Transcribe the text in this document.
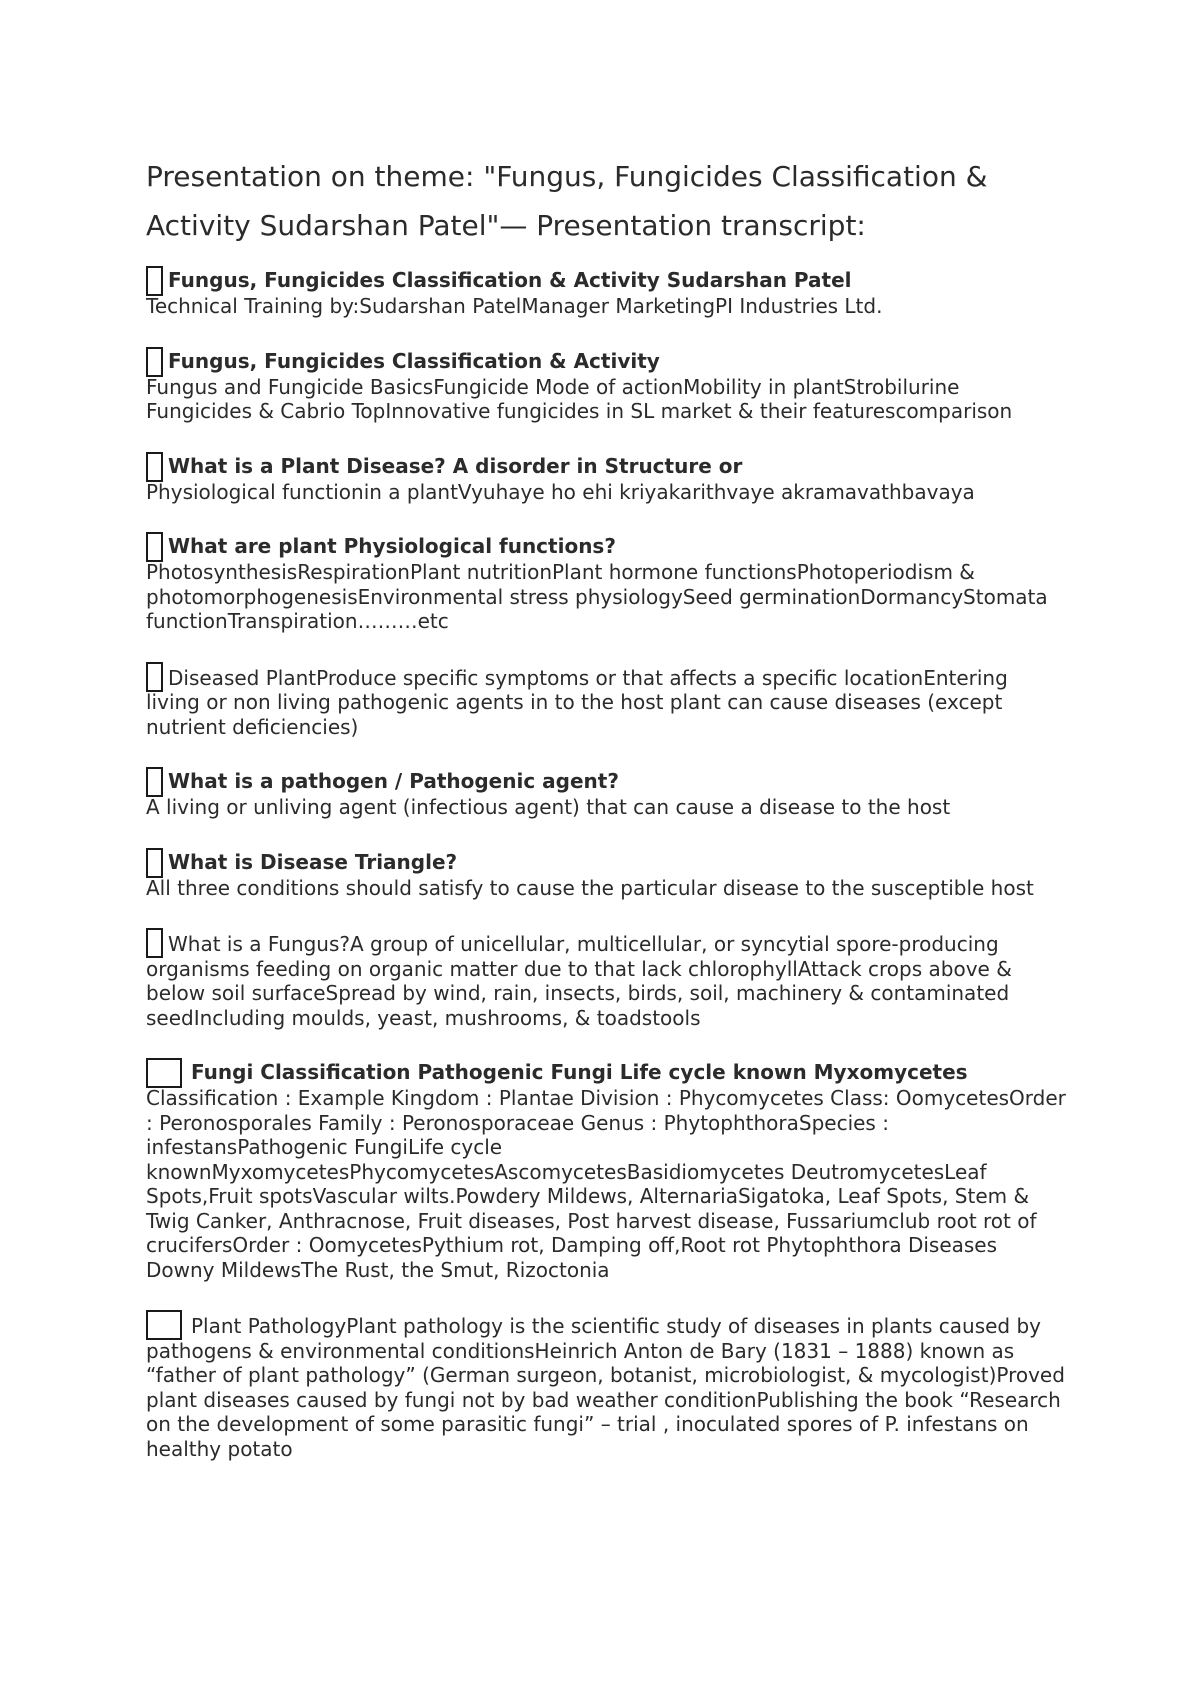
Presentation on theme: "Fungus, Fungicides Classification & Activity Sudarshan Patel"— Presentation transcript:
Fungus, Fungicides Classification & Activity Sudarshan Patel
Technical Training by:Sudarshan PatelManager MarketingPI Industries Ltd.
Fungus, Fungicides Classification & Activity
Fungus and Fungicide BasicsFungicide Mode of actionMobility in plantStrobilurine Fungicides & Cabrio TopInnovative fungicides in SL market & their featurescomparison
What is a Plant Disease? A disorder in Structure or
Physiological functionin a plantVyuhaye ho ehi kriyakarithvaye akramavathbavaya
What are plant Physiological functions?
PhotosynthesisRespirationPlant nutritionPlant hormone functionsPhotoperiodism & photomorphogenesisEnvironmental stress physiologySeed germinationDormancyStomata functionTranspiration………etc
Diseased PlantProduce specific symptoms or that affects a specific locationEntering living or non living pathogenic agents in to the host plant can cause diseases (except nutrient deficiencies)
What is a pathogen / Pathogenic agent?
A living or unliving agent (infectious agent) that can cause a disease to the host
What is Disease Triangle?
All three conditions should satisfy to cause the particular disease to the susceptible host
What is a Fungus?A group of unicellular, multicellular, or syncytial spore-producing organisms feeding on organic matter due to that lack chlorophyllAttack crops above & below soil surfaceSpread by wind, rain, insects, birds, soil, machinery & contaminated seedIncluding moulds, yeast, mushrooms, & toadstools
Fungi Classification Pathogenic Fungi Life cycle known Myxomycetes
Classification : Example Kingdom : Plantae Division : Phycomycetes Class: OomycetesOrder : Peronosporales Family : Peronosporaceae Genus : PhytophthoraSpecies : infestansPathogenic FungiLife cycle knownMyxomycetesPhycomycetesAscomycetesBasidiomycetes DeutromycetesLeaf Spots,Fruit spotsVascular wilts.Powdery Mildews, AlternariaSigatoka, Leaf Spots, Stem & Twig Canker, Anthracnose, Fruit diseases, Post harvest disease, Fussariumclub root rot of crucifersOrder : OomycetesPythium rot, Damping off,Root rot Phytophthora Diseases Downy MildewsThe Rust, the Smut, Rizoctonia
Plant PathologyPlant pathology is the scientific study of diseases in plants caused by pathogens & environmental conditionsHeinrich Anton de Bary (1831 – 1888) known as “father of plant pathology” (German surgeon, botanist, microbiologist, & mycologist)Proved plant diseases caused by fungi not by bad weather conditionPublishing the book “Research on the development of some parasitic fungi” – trial , inoculated spores of P. infestans on healthy potato
